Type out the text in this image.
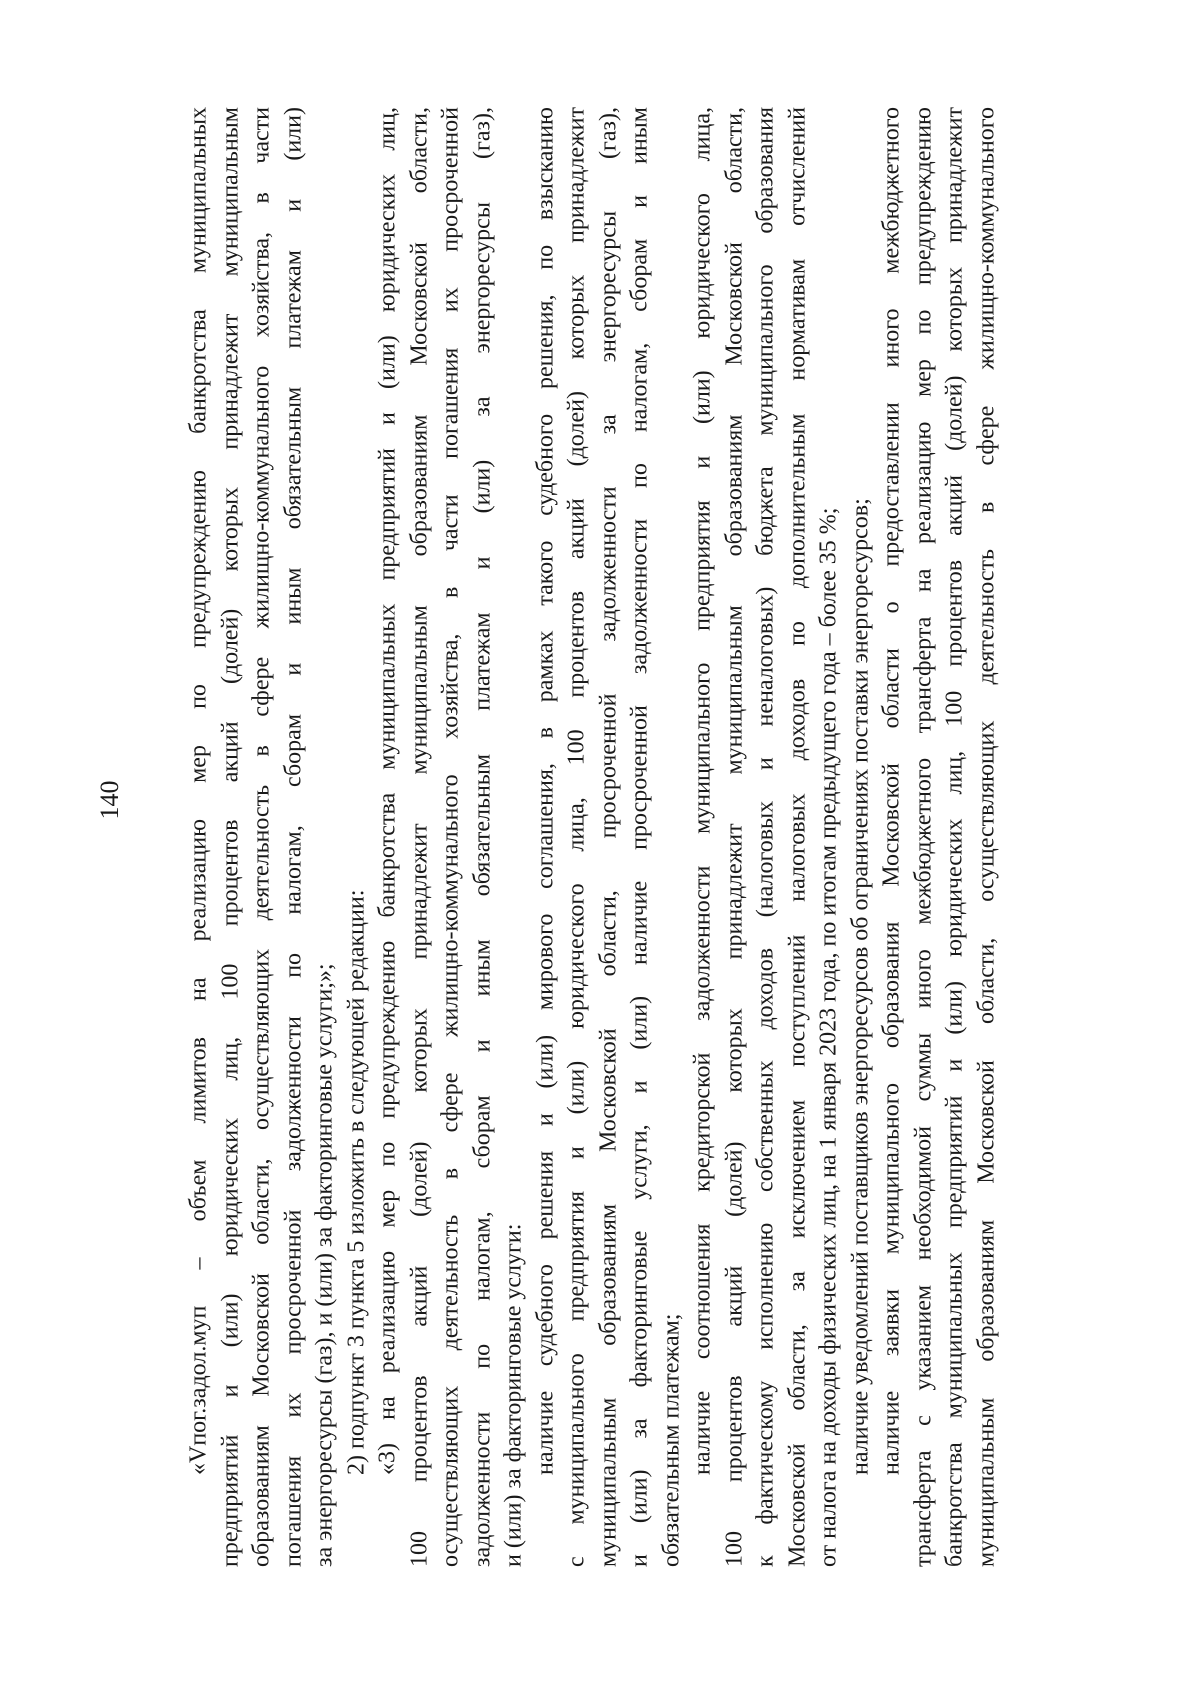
140	«Vпог.задол.муп – объем лимитов на реализацию мер по предупреждению банкротства муниципальных предприятий и (или) юридических лиц, 100 процентов акций (долей) которых принадлежит муниципальным образованиям Московской области, осуществляющих деятельность в сфере жилищно-коммунального хозяйства, в части погашения их просроченной задолженности по налогам, сборам и иным обязательным платежам и (или) за энергоресурсы (газ), и (или) за факторинговые услуги;»; 2) подпункт 3 пункта 5 изложить в следующей редакции: «3) на реализацию мер по предупреждению банкротства муниципальных предприятий и (или) юридических лиц, 100 процентов акций (долей) которых принадлежит муниципальным образованиям Московской области, осуществляющих деятельность в сфере жилищно-коммунального хозяйства, в части погашения их просроченной задолженности по налогам, сборам и иным обязательным платежам и (или) за энергоресурсы (газ), и (или) за факторинговые услуги: наличие судебного решения и (или) мирового соглашения, в рамках такого судебного решения, по взысканию с муниципального предприятия и (или) юридического лица, 100 процентов акций (долей) которых принадлежит муниципальным образованиям Московской области, просроченной задолженности за энергоресурсы (газ), и (или) за факторинговые услуги, и (или) наличие просроченной задолженности по налогам, сборам и иным обязательным платежам; наличие соотношения кредиторской задолженности муниципального предприятия и (или) юридического лица, 100 процентов акций (долей) которых принадлежит муниципальным образованиям Московской области, к фактическому исполнению собственных доходов (налоговых и неналоговых) бюджета муниципального образования Московской области, за исключением поступлений налоговых доходов по дополнительным нормативам отчислений от налога на доходы физических лиц, на 1 января 2023 года, по итогам предыдущего года – более 35 %; наличие уведомлений поставщиков энергоресурсов об ограничениях поставки энергоресурсов; наличие заявки муниципального образования Московской области о предоставлении иного межбюджетного трансферта с указанием необходимой суммы иного межбюджетного трансферта на реализацию мер по предупреждению банкротства муниципальных предприятий и (или) юридических лиц, 100 процентов акций (долей) которых принадлежит муниципальным образованиям Московской области, осуществляющих деятельность в сфере жилищно-коммунального
